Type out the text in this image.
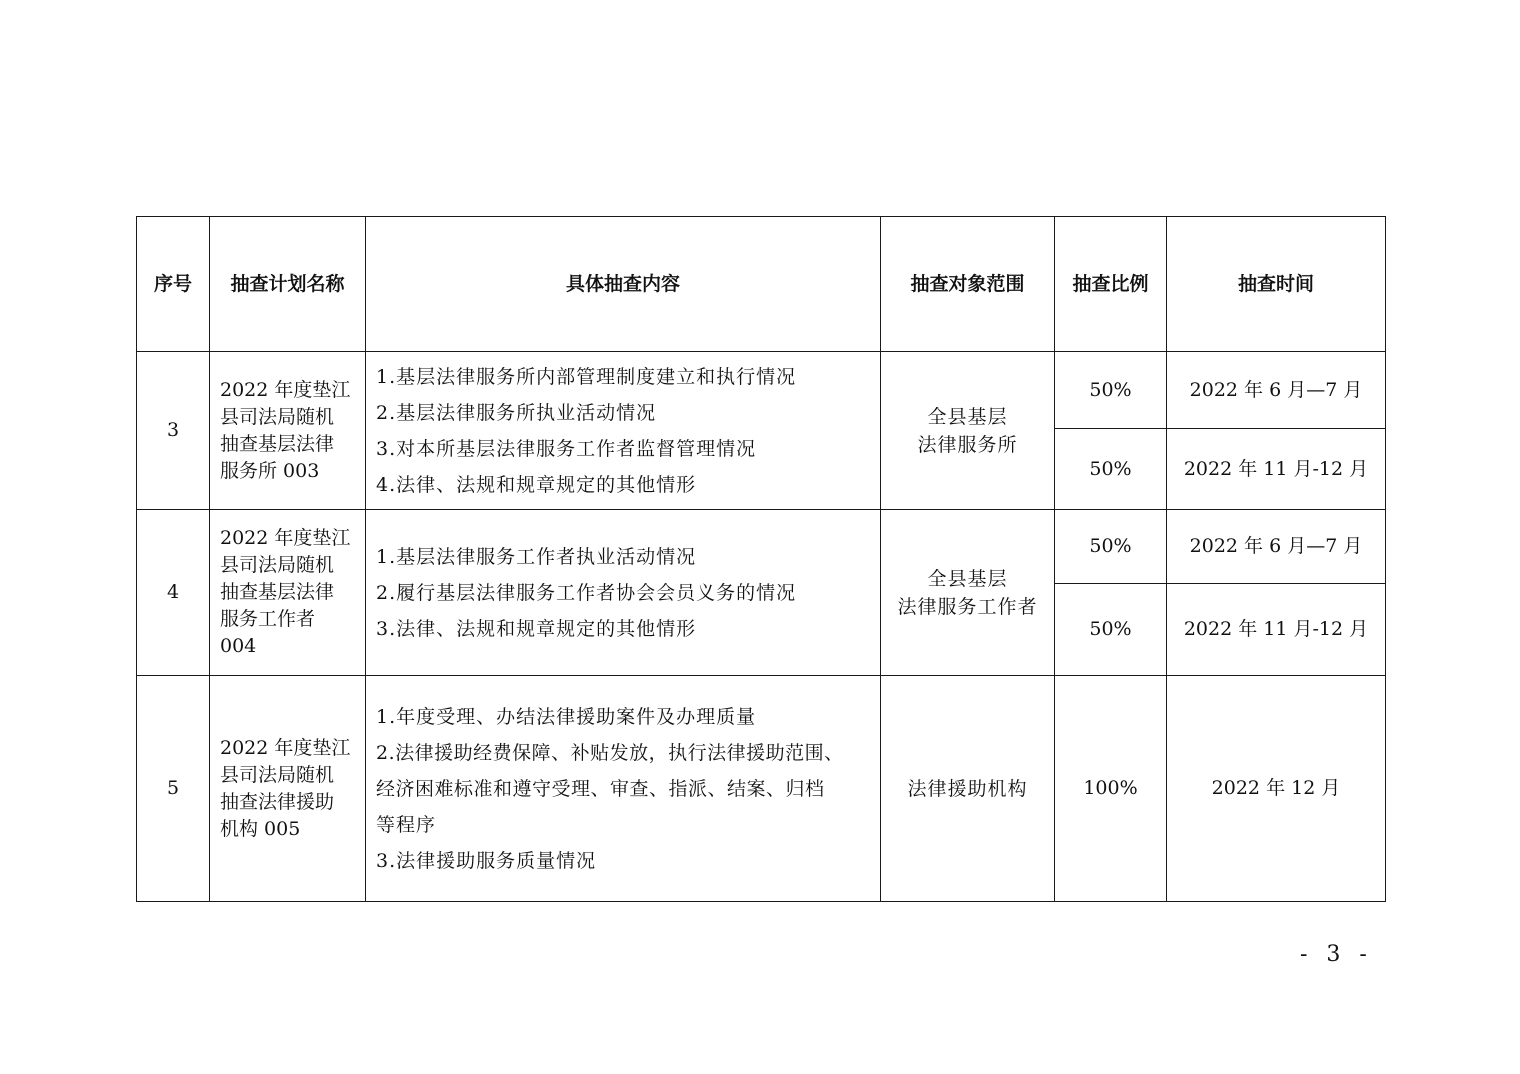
序号	抽查计划名称	具体抽查内容	抽查对象范围	抽查比例	抽查时间
3	2022 年度垫江
县司法局随机
抽查基层法律
服务所 003	1.基层法律服务所内部管理制度建立和执行情况
2.基层法律服务所执业活动情况
3.对本所基层法律服务工作者监督管理情况
4.法律、法规和规章规定的其他情形	全县基层
法律服务所	50%	2022 年 6 月—7 月
				50%	2022 年 11 月-12 月
4	2022 年度垫江
县司法局随机
抽查基层法律
服务工作者
004	1.基层法律服务工作者执业活动情况
2.履行基层法律服务工作者协会会员义务的情况
3.法律、法规和规章规定的其他情形	全县基层
法律服务工作者	50%	2022 年 6 月—7 月
				50%	2022 年 11 月-12 月
5	2022 年度垫江
县司法局随机
抽查法律援助
机构 005	1.年度受理、办结法律援助案件及办理质量
2.法律援助经费保障、补贴发放，执行法律援助范围、
经济困难标准和遵守受理、审查、指派、结案、归档
等程序
3.法律援助服务质量情况	法律援助机构	100%	2022 年 12 月
- 3 -
